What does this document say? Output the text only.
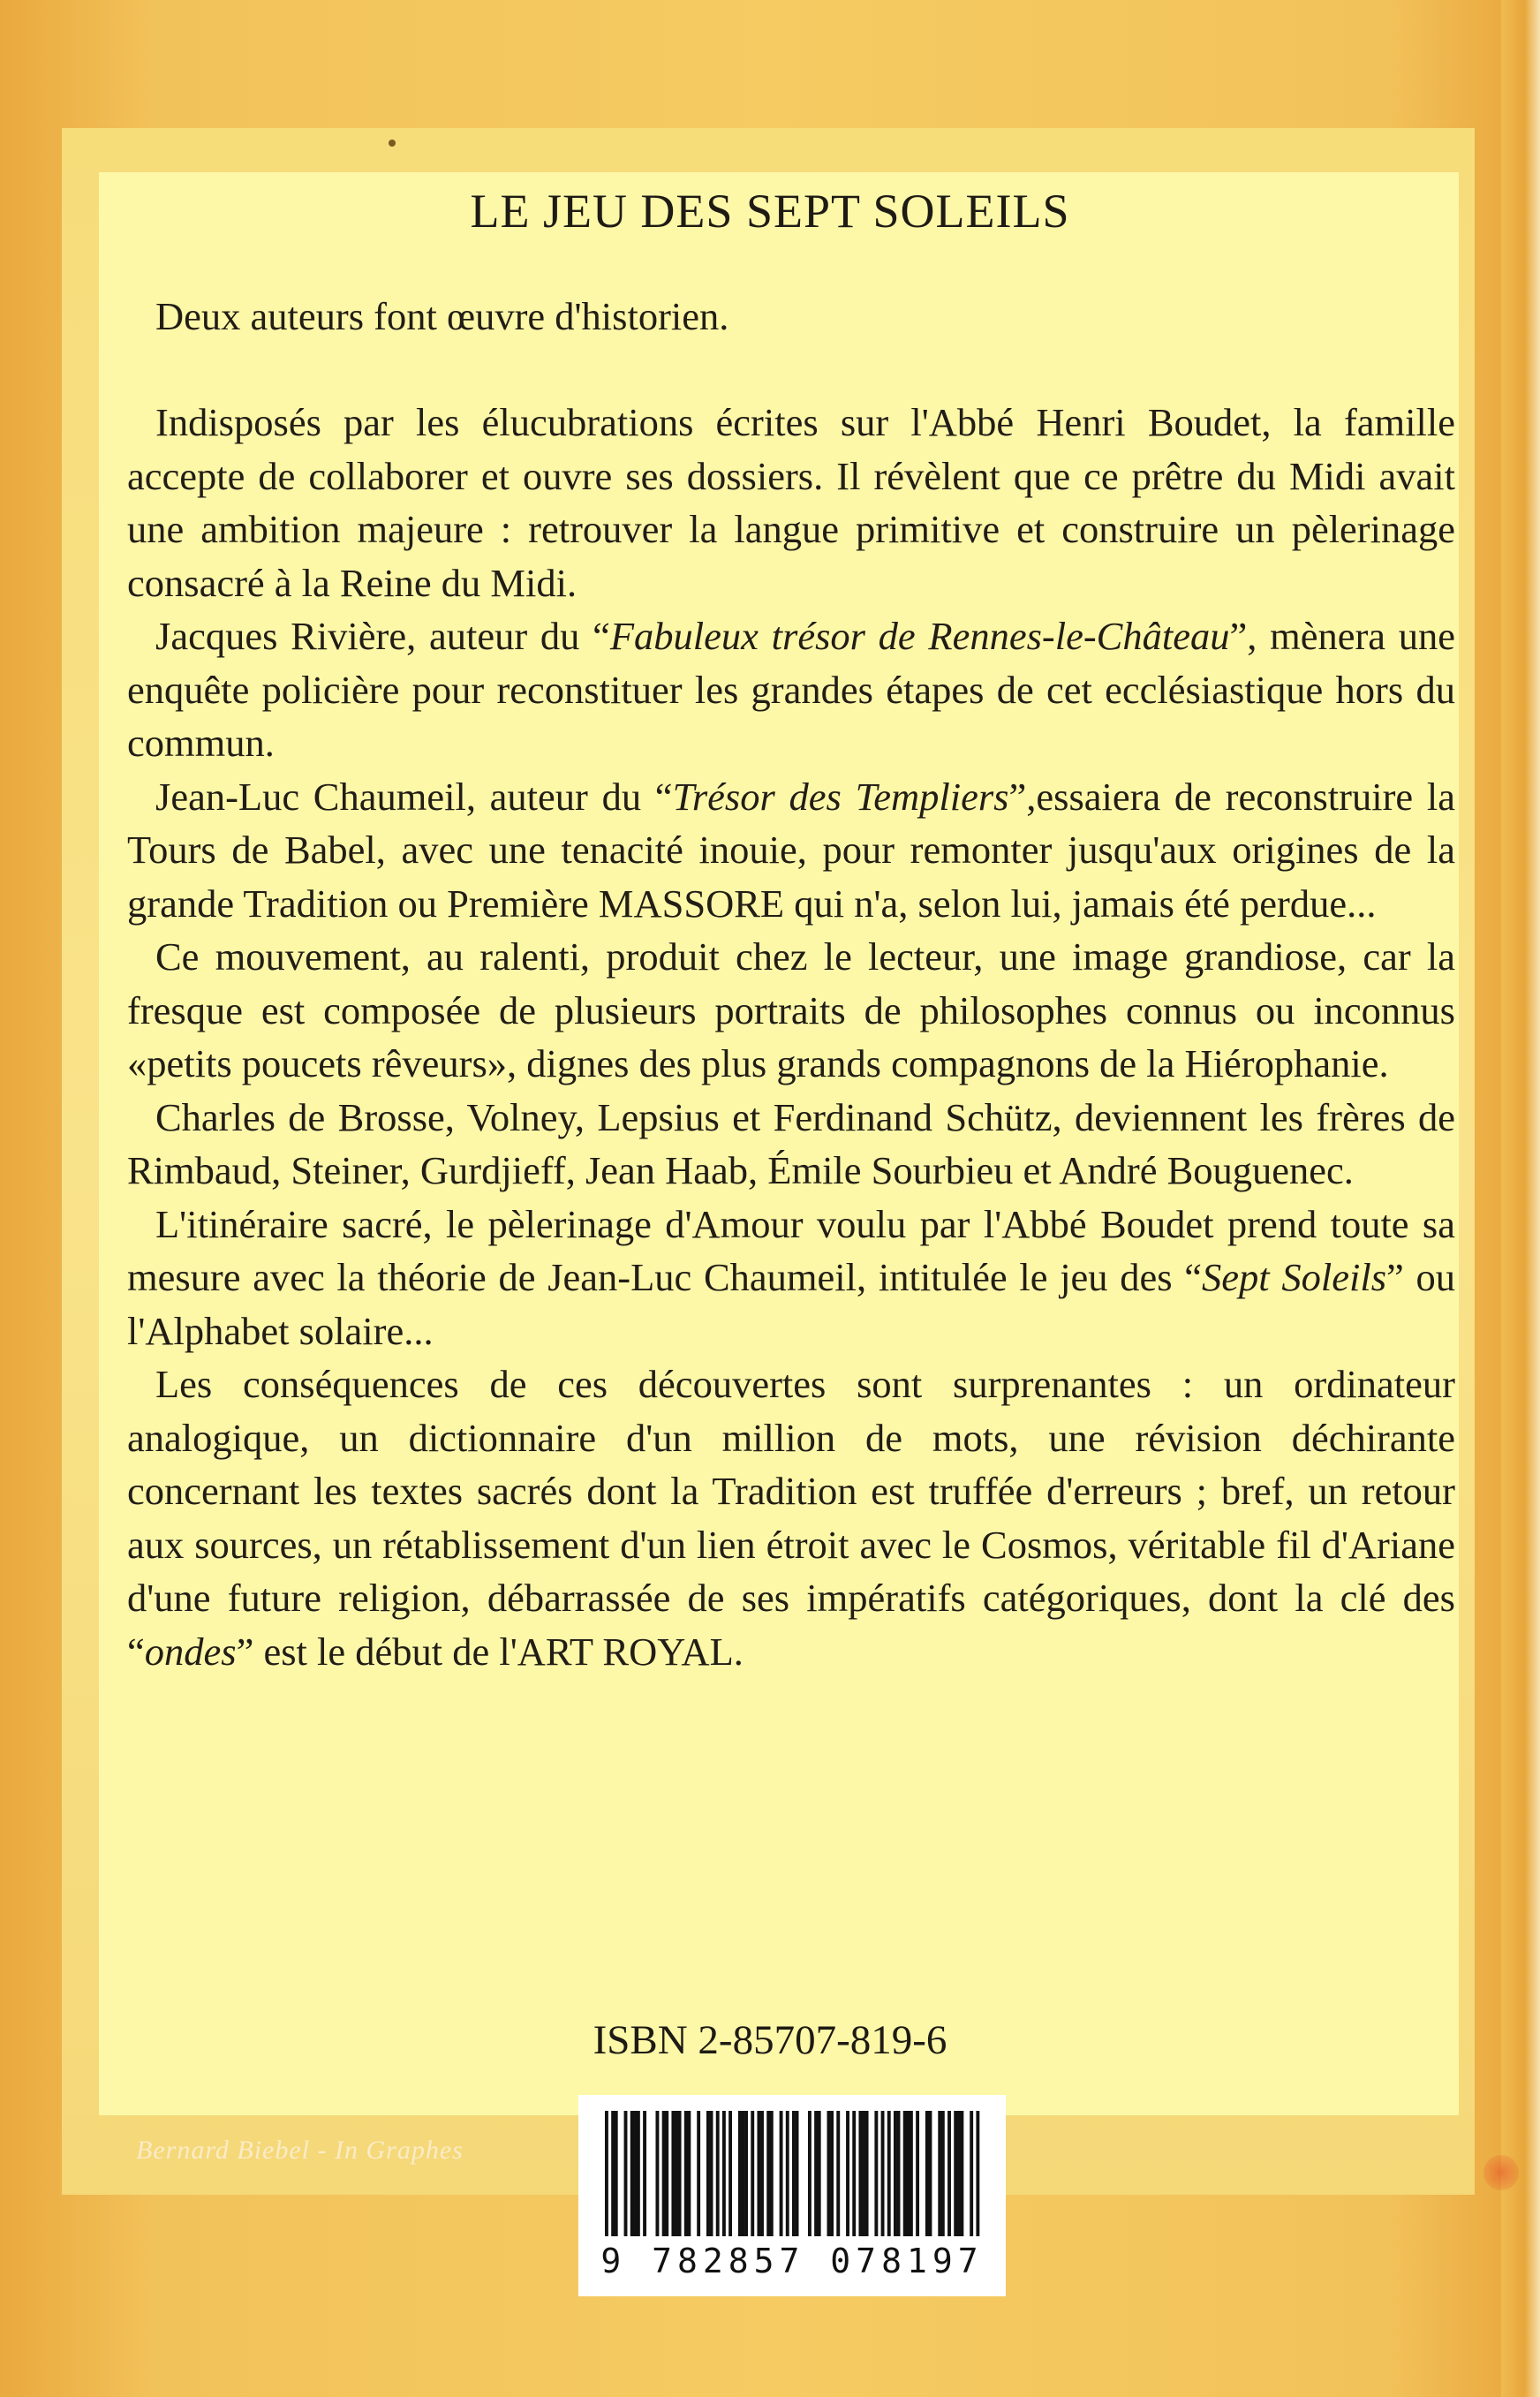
LE JEU DES SEPT SOLEILS

Deux auteurs font œuvre d'historien.

Indisposés par les élucubrations écrites sur l'Abbé Henri Boudet, la famille accepte de collaborer et ouvre ses dossiers. Il révèlent que ce prêtre du Midi avait une ambition majeure : retrouver la langue primitive et construire un pèlerinage consacré à la Reine du Midi.

Jacques Rivière, auteur du “Fabuleux trésor de Rennes-le-Château”, mènera une enquête policière pour reconstituer les grandes étapes de cet ecclésiastique hors du commun.

Jean-Luc Chaumeil, auteur du “Trésor des Templiers”,essaiera de reconstruire la Tours de Babel, avec une tenacité inouie, pour remonter jusqu'aux origines de la grande Tradition ou Première MASSORE qui n'a, selon lui, jamais été perdue...

Ce mouvement, au ralenti, produit chez le lecteur, une image grandiose, car la fresque est composée de plusieurs portraits de philosophes connus ou inconnus «petits poucets rêveurs», dignes des plus grands compagnons de la Hiérophanie.

Charles de Brosse, Volney, Lepsius et Ferdinand Schütz, deviennent les frères de Rimbaud, Steiner, Gurdjieff, Jean Haab, Émile Sourbieu et André Bouguenec.

L'itinéraire sacré, le pèlerinage d'Amour voulu par l'Abbé Boudet prend toute sa mesure avec la théorie de Jean-Luc Chaumeil, intitulée le jeu des “Sept Soleils” ou l'Alphabet solaire...

Les conséquences de ces découvertes sont surprenantes : un ordinateur analogique, un dictionnaire d'un million de mots, une révision déchirante concernant les textes sacrés dont la Tradition est truffée d'erreurs ; bref, un retour aux sources, un rétablissement d'un lien étroit avec le Cosmos, véritable fil d'Ariane d'une future religion, débarrassée de ses impératifs catégoriques, dont la clé des “ondes” est le début de l'ART ROYAL.

ISBN 2-85707-819-6
Bernard Biebel - In Graphes
9 782857 078197
